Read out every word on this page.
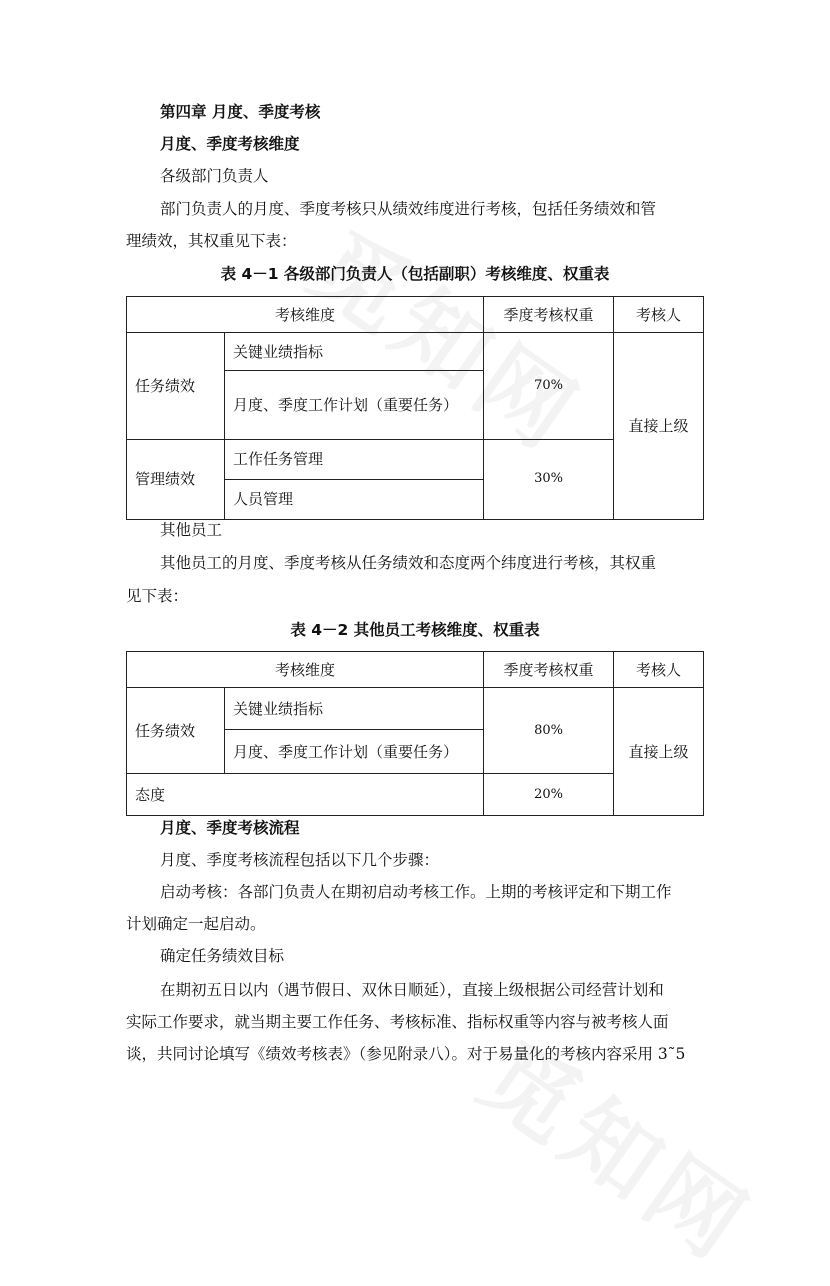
第四章 月度、季度考核
月度、季度考核维度
各级部门负责人
部门负责人的月度、季度考核只从绩效纬度进行考核，包括任务绩效和管
理绩效，其权重见下表：
表 4－1 各级部门负责人（包括副职）考核维度、权重表
考核维度		季度考核权重	考核人
任务绩效	关键业绩指标	70%	直接上级
	月度、季度工作计划（重要任务）		
管理绩效	工作任务管理	30%	
	人员管理		
其他员工
其他员工的月度、季度考核从任务绩效和态度两个纬度进行考核，其权重
见下表：
表 4－2 其他员工考核维度、权重表
考核维度		季度考核权重	考核人
任务绩效	关键业绩指标	80%	直接上级
	月度、季度工作计划（重要任务）		
态度		20%	
月度、季度考核流程
月度、季度考核流程包括以下几个步骤：
启动考核：各部门负责人在期初启动考核工作。上期的考核评定和下期工作
计划确定一起启动。
确定任务绩效目标
在期初五日以内（遇节假日、双休日顺延），直接上级根据公司经营计划和
实际工作要求，就当期主要工作任务、考核标准、指标权重等内容与被考核人面
谈，共同讨论填写《绩效考核表》（参见附录八）。对于易量化的考核内容采用 3˜5
